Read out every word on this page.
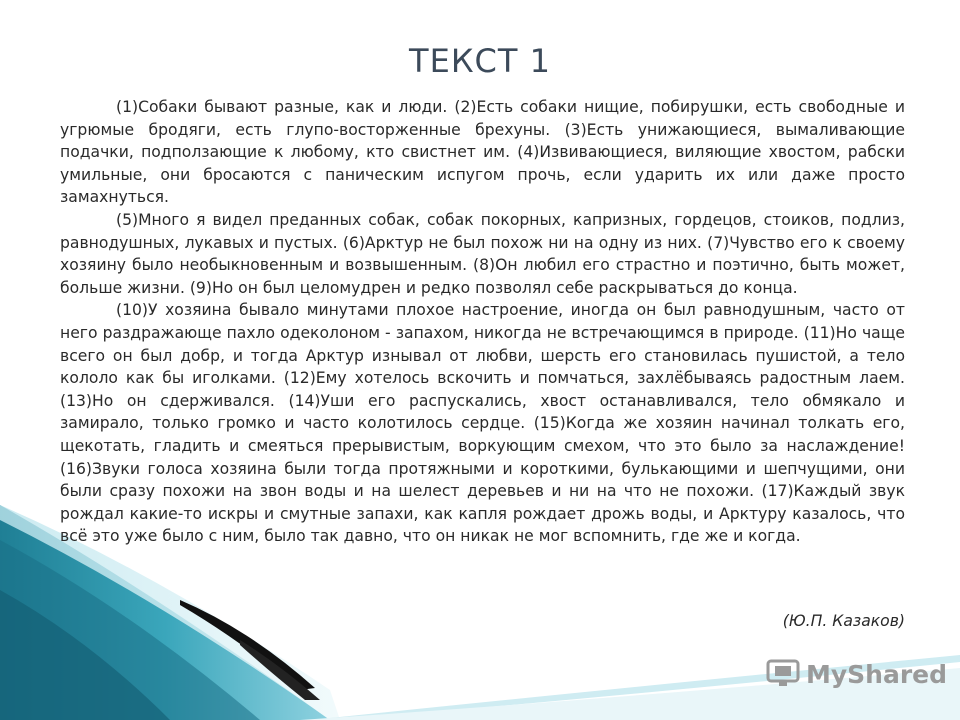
ТЕКСТ 1

(1)Собаки бывают разные, как и люди. (2)Есть собаки нищие, побирушки, есть свободные и угрюмые бродяги, есть глупо-восторженные брехуны. (3)Есть унижающиеся, вымаливающие подачки, подползающие к любому, кто свистнет им. (4)Извивающиеся, виляющие хвостом, рабски умильные, они бросаются с паническим испугом прочь, если ударить их или даже просто замахнуться.

(5)Много я видел преданных собак, собак покорных, капризных, гордецов, стоиков, подлиз, равнодушных, лукавых и пустых. (6)Арктур не был похож ни на одну из них. (7)Чувство его к своему хозяину было необыкновенным и возвышенным. (8)Он любил его страстно и поэтично, быть может, больше жизни. (9)Но он был целомудрен и редко позволял себе раскрываться до конца.

(10)У хозяина бывало минутами плохое настроение, иногда он был равнодушным, часто от него раздражающе пахло одеколоном - запахом, никогда не встречающимся в природе. (11)Но чаще всего он был добр, и тогда Арктур изнывал от любви, шерсть его становилась пушистой, а тело кололо как бы иголками. (12)Ему хотелось вскочить и помчаться, захлёбываясь радостным лаем. (13)Но он сдерживался. (14)Уши его распускались, хвост останавливался, тело обмякало и замирало, только громко и часто колотилось сердце. (15)Когда же хозяин начинал толкать его, щекотать, гладить и смеяться прерывистым, воркующим смехом, что это было за наслаждение! (16)Звуки голоса хозяина были тогда протяжными и короткими, булькающими и шепчущими, они были сразу похожи на звон воды и на шелест деревьев и ни на что не похожи. (17)Каждый звук рождал какие-то искры и смутные запахи, как капля рождает дрожь воды, и Арктуру казалось, что всё это уже было с ним, было так давно, что он никак не мог вспомнить, где же и когда.

(Ю.П. Казаков)
MyShared
